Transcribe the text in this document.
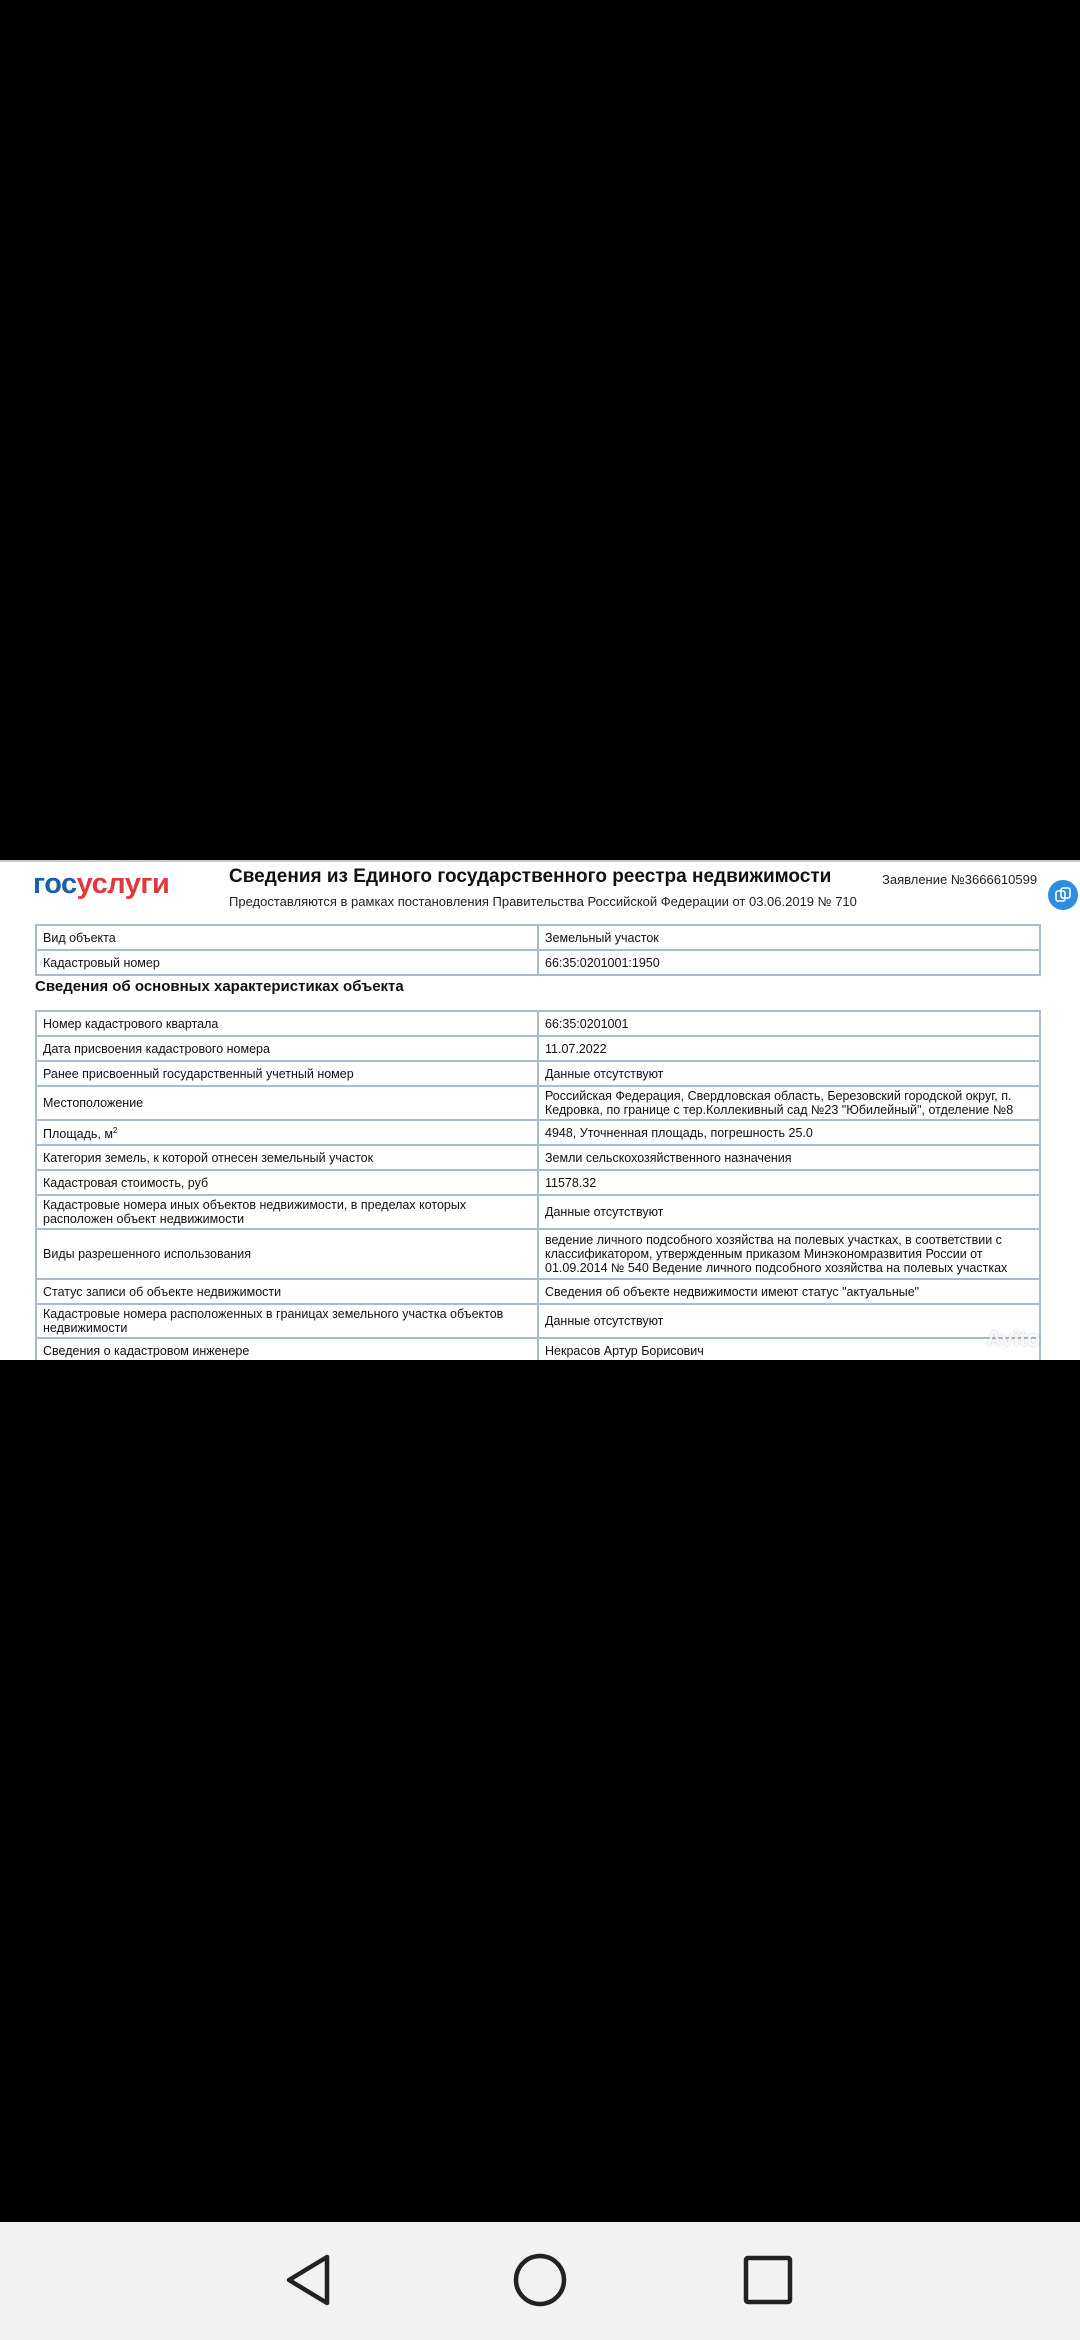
госуслуги	Сведения из Единого государственного реестра недвижимости
Предоставляются в рамках постановления Правительства Российской Федерации от 03.06.2019 № 710
Заявление №3666610599
Вид объекта	Земельный участок
Кадастровый номер	66:35:0201001:1950
Сведения об основных характеристиках объекта
Номер кадастрового квартала	66:35:0201001
Дата присвоения кадастрового номера	11.07.2022
Ранее присвоенный государственный учетный номер	Данные отсутствуют
Местоположение	Российская Федерация, Свердловская область, Березовский городской округ, п. Кедровка, по границе с тер.Коллекивный сад №23 "Юбилейный", отделение №8
Площадь, $м^2$	4948, Уточненная площадь, погрешность 25.0
Категория земель, к которой отнесен земельный участок	Земли сельскохозяйственного назначения
Кадастровая стоимость, руб	11578.32
Кадастровые номера иных объектов недвижимости, в пределах которых расположен объект недвижимости	Данные отсутствуют
Виды разрешенного использования	ведение личного подсобного хозяйства на полевых участках, в соответствии с классификатором, утвержденным приказом Минэкономразвития России от 01.09.2014 № 540 Ведение личного подсобного хозяйства на полевых участках
Статус записи об объекте недвижимости	Сведения об объекте недвижимости имеют статус "актуальные"
Кадастровые номера расположенных в границах земельного участка объектов недвижимости	Данные отсутствуют
Сведения о кадастровом инженере	Некрасов Артур Борисович	Avito
